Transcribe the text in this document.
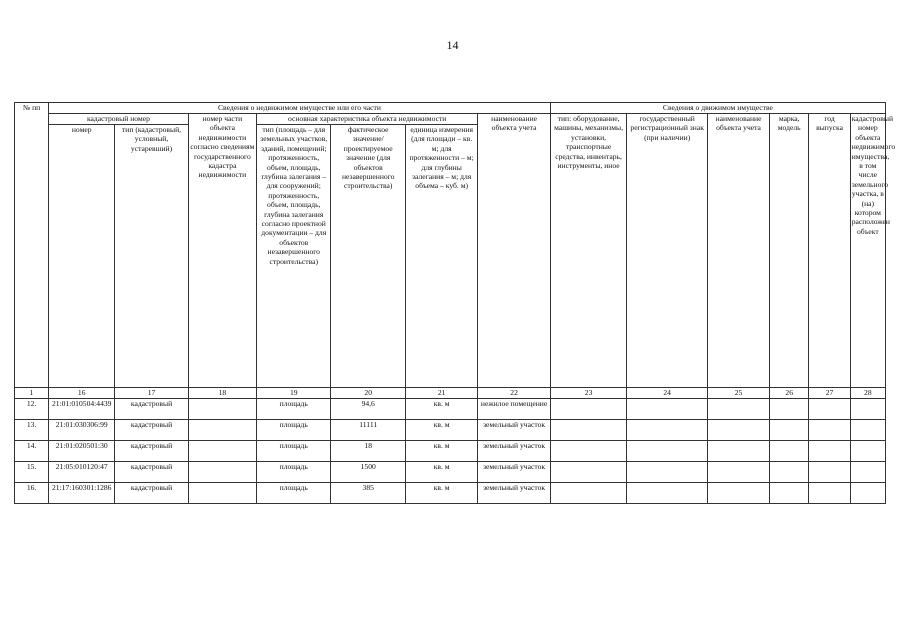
14
№ пп	Сведения о недвижимом имуществе или его части							Сведения о движимом имуществе					
	кадастровый номер		номер части объекта недвижимости согласно сведениям государственного кадастра недвижимости	основная характеристика объекта недвижимости			наименование объекта учета	тип: оборудование, машины, механизмы, установки, транспортные средства, инвентарь, инструменты, иное	государственный регистрационный знак (при наличии)	наименование объекта учета	марка, модель	год выпуска	кадастровый номер объекта недвижимого имущества, в том числе земельного участка, в (на) котором расположен объект
	номер	тип (кадастровый, условный, устаревший)		тип (площадь – для земельных участков, зданий, помещений; протяженность, объем, площадь, глубина залегания – для сооружений; протяженность, объем, площадь, глубина залегания согласно проектной документации – для объектов незавершенного строительства)	фактическое значение/ проектируемое значение (для объектов незавершенного строительства)	единица измерения (для площади – кв. м; для протяженности – м; для глубины залегания – м; для объема – куб. м)							
1	16	17	18	19	20	21	22	23	24	25	26	27	28
12.	21:01:010504:4439	кадастровый		площадь	94,6	кв. м	нежилое помещение						
13.	21:01:030306:99	кадастровый		площадь	11111	кв. м	земельный участок						
14.	21:01:020501:30	кадастровый		площадь	18	кв. м	земельный участок						
15.	21:05:010120:47	кадастровый		площадь	1500	кв. м	земельный участок						
16.	21:17:160301:1286	кадастровый		площадь	385	кв. м	земельный участок						
